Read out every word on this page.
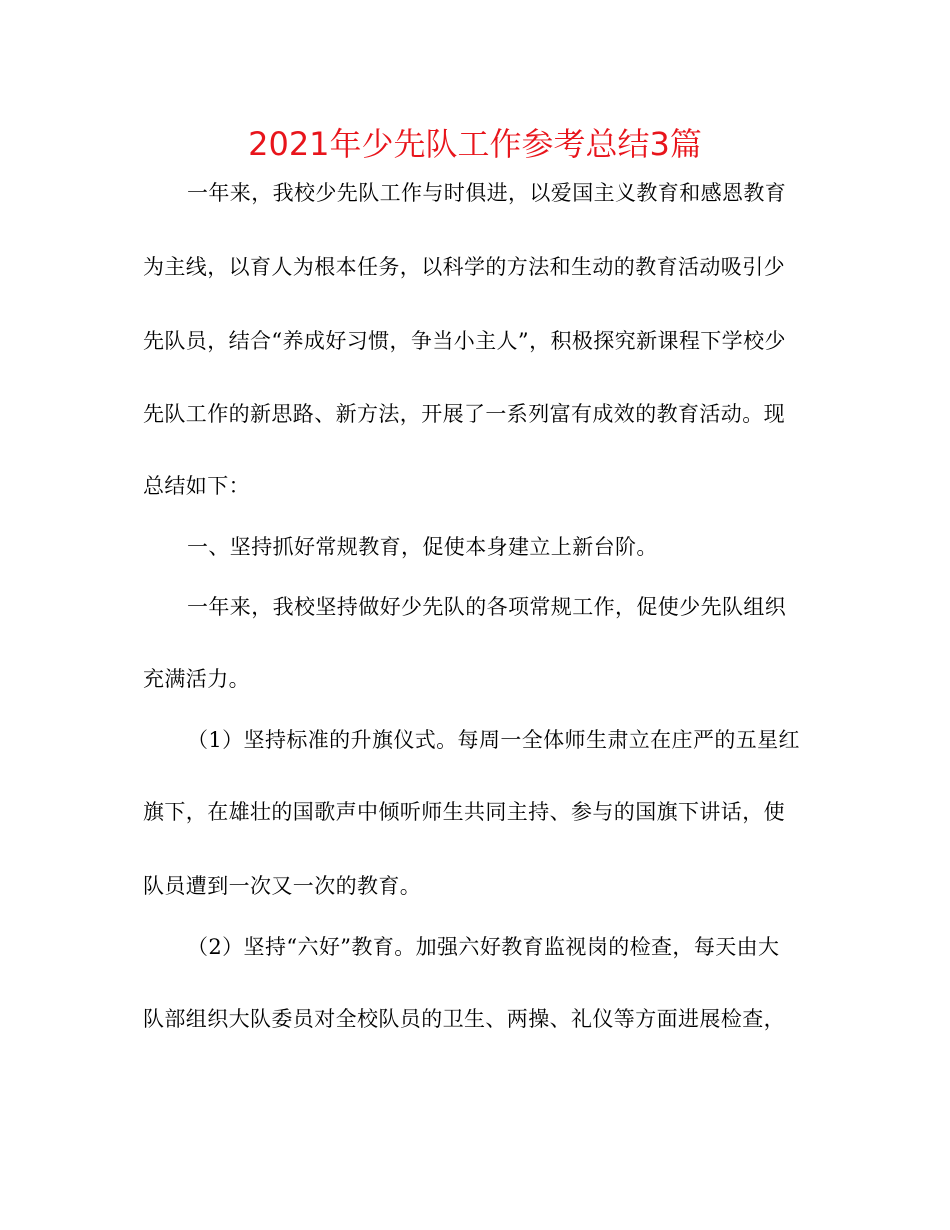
2021年少先队工作参考总结3篇
一年来，我校少先队工作与时俱进，以爱国主义教育和感恩教育
为主线，以育人为根本任务，以科学的方法和生动的教育活动吸引少
先队员，结合“养成好习惯，争当小主人”，积极探究新课程下学校少
先队工作的新思路、新方法，开展了一系列富有成效的教育活动。现
总结如下：
一、坚持抓好常规教育，促使本身建立上新台阶。
一年来，我校坚持做好少先队的各项常规工作，促使少先队组织
充满活力。
（1）坚持标准的升旗仪式。每周一全体师生肃立在庄严的五星红
旗下，在雄壮的国歌声中倾听师生共同主持、参与的国旗下讲话，使
队员遭到一次又一次的教育。
（2）坚持“六好”教育。加强六好教育监视岗的检查，每天由大
队部组织大队委员对全校队员的卫生、两操、礼仪等方面进展检查，
